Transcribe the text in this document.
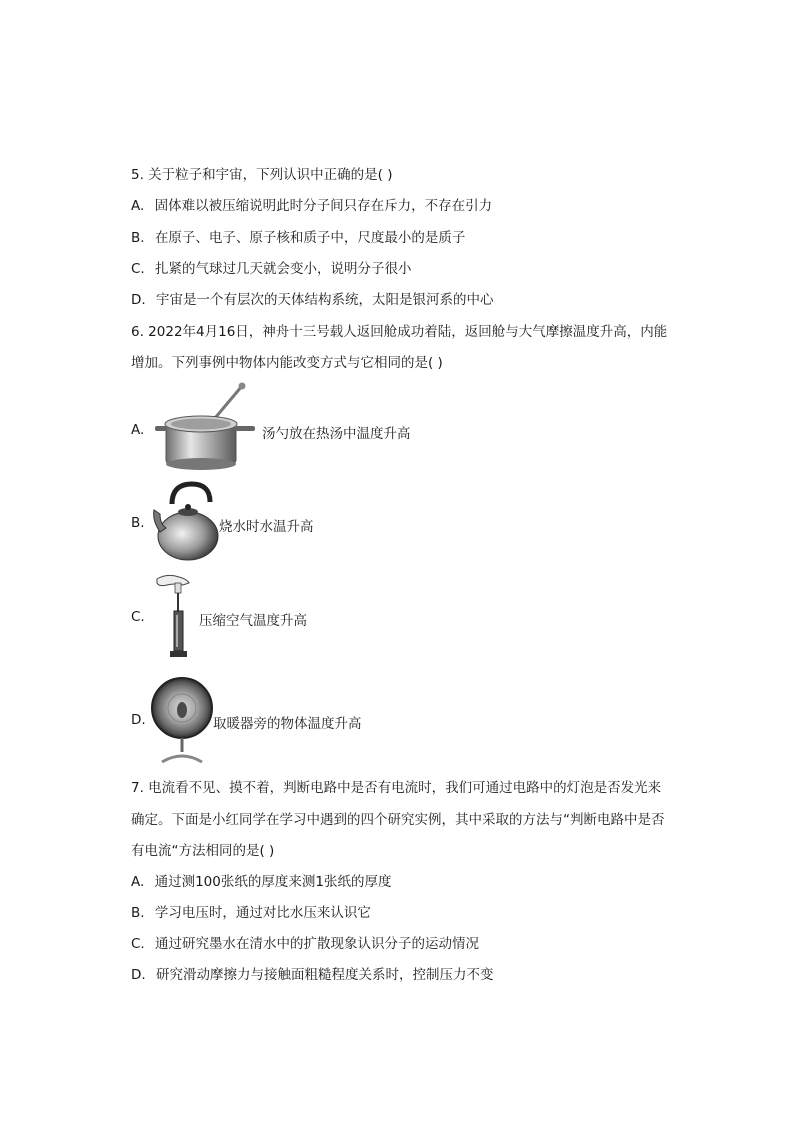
5. 关于粒子和宇宙，下列认识中正确的是( )
A. 固体难以被压缩说明此时分子间只存在斥力，不存在引力
B. 在原子、电子、原子核和质子中，尺度最小的是质子
C. 扎紧的气球过几天就会变小，说明分子很小
D. 宇宙是一个有层次的天体结构系统，太阳是银河系的中心
6. 2022年4月16日，神舟十三号载人返回舱成功着陆，返回舱与大气摩擦温度升高，内能
增加。下列事例中物体内能改变方式与它相同的是( )
A.	汤勺放在热汤中温度升高
B.	烧水时水温升高
C.	压缩空气温度升高
D.	取暖器旁的物体温度升高
7. 电流看不见、摸不着，判断电路中是否有电流时，我们可通过电路中的灯泡是否发光来
确定。下面是小红同学在学习中遇到的四个研究实例，其中采取的方法与“判断电路中是否
有电流“方法相同的是( )
A. 通过测100张纸的厚度来测1张纸的厚度
B. 学习电压时，通过对比水压来认识它
C. 通过研究墨水在清水中的扩散现象认识分子的运动情况
D. 研究滑动摩擦力与接触面粗糙程度关系时，控制压力不变
